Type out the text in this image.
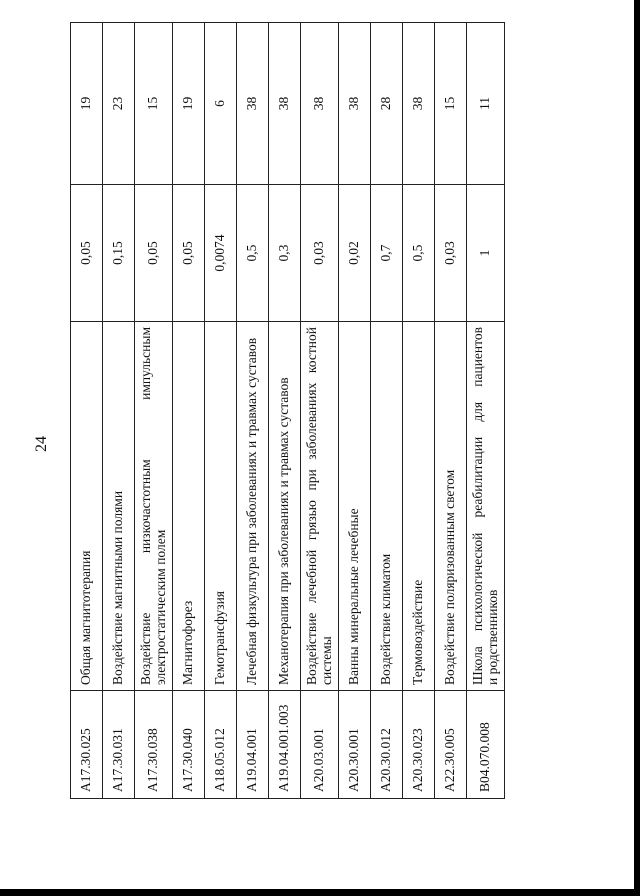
24
A17.30.025	Общая магнитотерапия	0,05	19
A17.30.031	Воздействие магнитными полями	0,15	23
A17.30.038	Воздействие низкочастотным импульсным электростатическим полем	0,05	15
A17.30.040	Магнитофорез	0,05	19
A18.05.012	Гемотрансфузия	0,0074	6
A19.04.001	Лечебная физкультура при заболеваниях и травмах суставов	0,5	38
A19.04.001.003	Механотерапия при заболеваниях и травмах суставов	0,3	38
A20.03.001	Воздействие лечебной грязью при заболеваниях костной системы	0,03	38
A20.30.001	Ванны минеральные лечебные	0,02	38
A20.30.012	Воздействие климатом	0,7	28
A20.30.023	Термовоздействие	0,5	38
A22.30.005	Воздействие поляризованным светом	0,03	15
B04.070.008	Школа психологической реабилитации для пациентов и родственников	1	11
